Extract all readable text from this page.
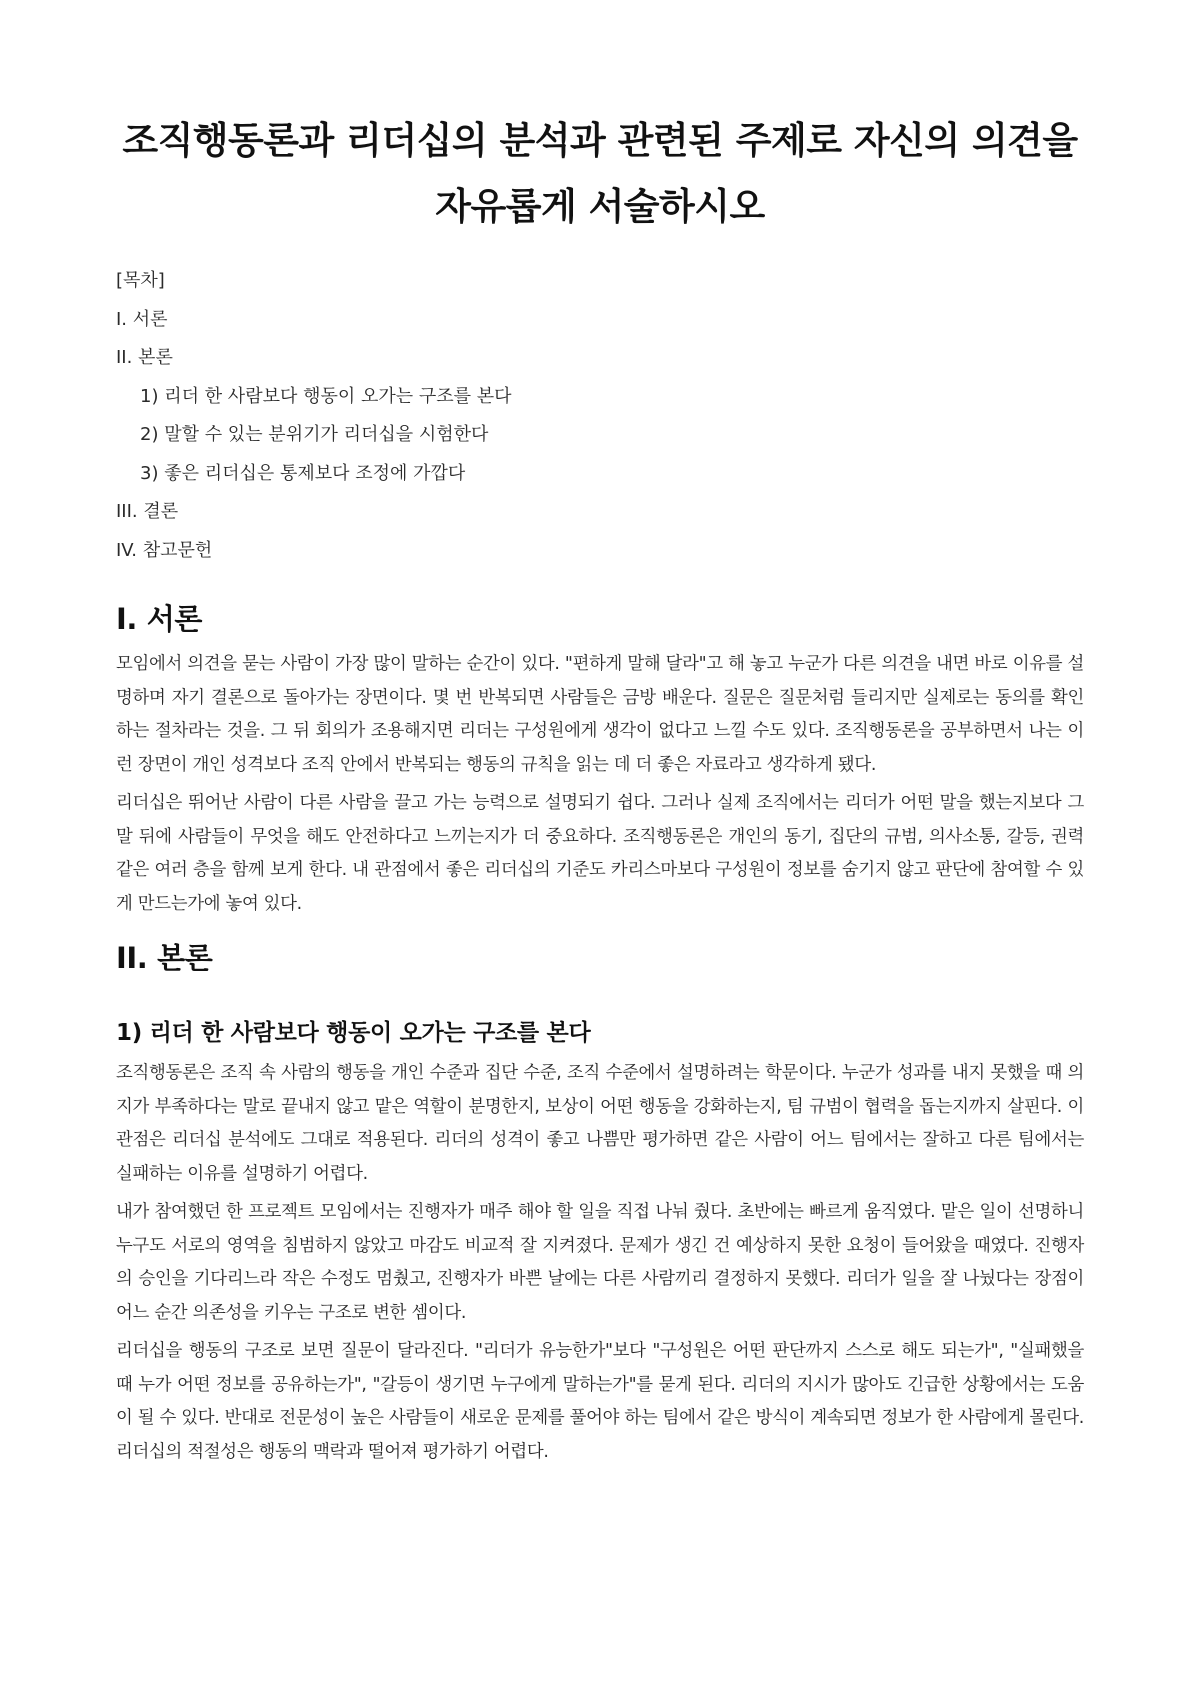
조직행동론과 리더십의 분석과 관련된 주제로 자신의 의견을 자유롭게 서술하시오
[목차]
I. 서론
II. 본론
1) 리더 한 사람보다 행동이 오가는 구조를 본다
2) 말할 수 있는 분위기가 리더십을 시험한다
3) 좋은 리더십은 통제보다 조정에 가깝다
III. 결론
IV. 참고문헌
I. 서론

모임에서 의견을 묻는 사람이 가장 많이 말하는 순간이 있다. "편하게 말해 달라"고 해 놓고 누군가 다른 의견을 내면 바로 이유를 설명하며 자기 결론으로 돌아가는 장면이다. 몇 번 반복되면 사람들은 금방 배운다. 질문은 질문처럼 들리지만 실제로는 동의를 확인하는 절차라는 것을. 그 뒤 회의가 조용해지면 리더는 구성원에게 생각이 없다고 느낄 수도 있다. 조직행동론을 공부하면서 나는 이런 장면이 개인 성격보다 조직 안에서 반복되는 행동의 규칙을 읽는 데 더 좋은 자료라고 생각하게 됐다.

리더십은 뛰어난 사람이 다른 사람을 끌고 가는 능력으로 설명되기 쉽다. 그러나 실제 조직에서는 리더가 어떤 말을 했는지보다 그 말 뒤에 사람들이 무엇을 해도 안전하다고 느끼는지가 더 중요하다. 조직행동론은 개인의 동기, 집단의 규범, 의사소통, 갈등, 권력 같은 여러 층을 함께 보게 한다. 내 관점에서 좋은 리더십의 기준도 카리스마보다 구성원이 정보를 숨기지 않고 판단에 참여할 수 있게 만드는가에 놓여 있다.

II. 본론
1) 리더 한 사람보다 행동이 오가는 구조를 본다

조직행동론은 조직 속 사람의 행동을 개인 수준과 집단 수준, 조직 수준에서 설명하려는 학문이다. 누군가 성과를 내지 못했을 때 의지가 부족하다는 말로 끝내지 않고 맡은 역할이 분명한지, 보상이 어떤 행동을 강화하는지, 팀 규범이 협력을 돕는지까지 살핀다. 이 관점은 리더십 분석에도 그대로 적용된다. 리더의 성격이 좋고 나쁨만 평가하면 같은 사람이 어느 팀에서는 잘하고 다른 팀에서는 실패하는 이유를 설명하기 어렵다.

내가 참여했던 한 프로젝트 모임에서는 진행자가 매주 해야 할 일을 직접 나눠 줬다. 초반에는 빠르게 움직였다. 맡은 일이 선명하니 누구도 서로의 영역을 침범하지 않았고 마감도 비교적 잘 지켜졌다. 문제가 생긴 건 예상하지 못한 요청이 들어왔을 때였다. 진행자의 승인을 기다리느라 작은 수정도 멈췄고, 진행자가 바쁜 날에는 다른 사람끼리 결정하지 못했다. 리더가 일을 잘 나눴다는 장점이 어느 순간 의존성을 키우는 구조로 변한 셈이다.

리더십을 행동의 구조로 보면 질문이 달라진다. "리더가 유능한가"보다 "구성원은 어떤 판단까지 스스로 해도 되는가", "실패했을 때 누가 어떤 정보를 공유하는가", "갈등이 생기면 누구에게 말하는가"를 묻게 된다. 리더의 지시가 많아도 긴급한 상황에서는 도움이 될 수 있다. 반대로 전문성이 높은 사람들이 새로운 문제를 풀어야 하는 팀에서 같은 방식이 계속되면 정보가 한 사람에게 몰린다. 리더십의 적절성은 행동의 맥락과 떨어져 평가하기 어렵다.
